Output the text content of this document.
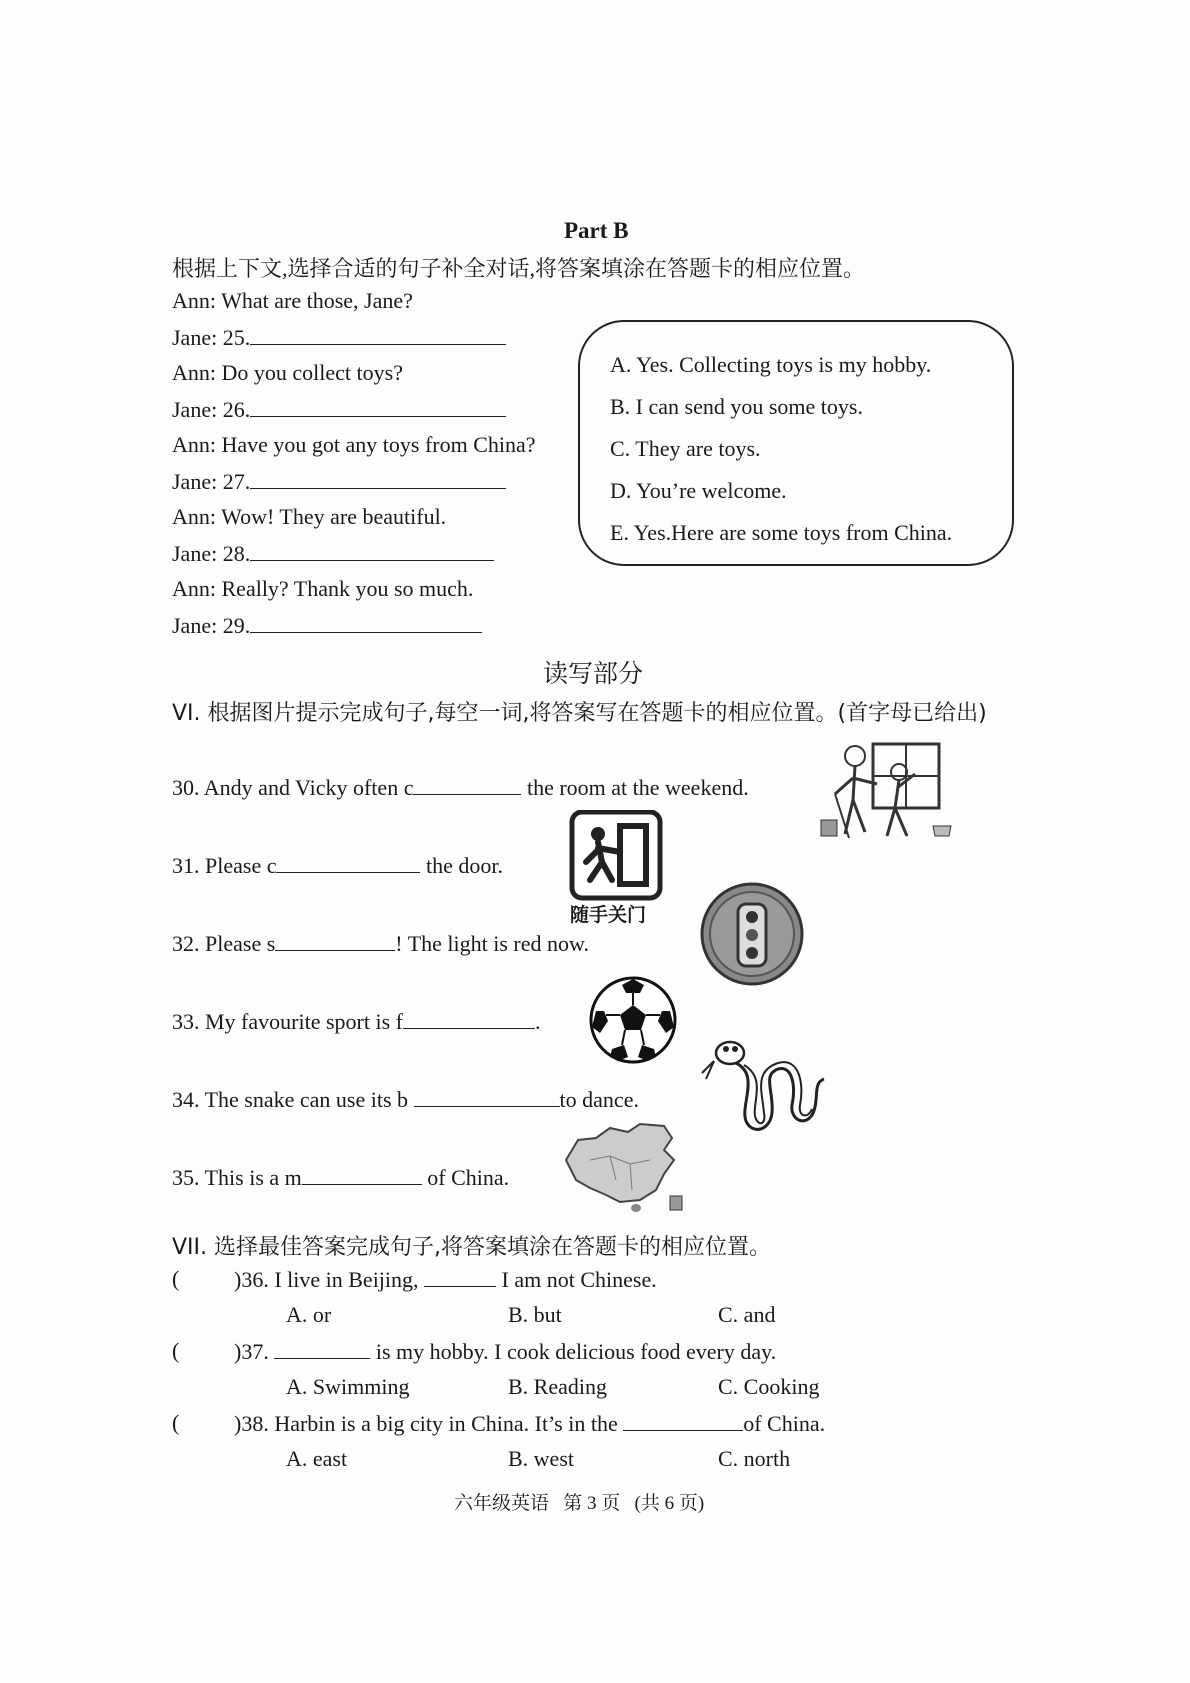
Part B
根据上下文,选择合适的句子补全对话,将答案填涂在答题卡的相应位置。
Ann: What are those, Jane?
Jane: 25.
Ann: Do you collect toys?
Jane: 26.
Ann: Have you got any toys from China?
Jane: 27.
Ann: Wow! They are beautiful.
Jane: 28.
Ann: Really? Thank you so much.
Jane: 29.
A. Yes. Collecting toys is my hobby.
B. I can send you some toys.
C. They are toys.
D. You’re welcome.
E. Yes.Here are some toys from China.
读写部分
VI. 根据图片提示完成句子,每空一词,将答案写在答题卡的相应位置。(首字母已给出)
30. Andy and Vicky often c	the room at the weekend.
31. Please c	the door.
32. Please s	! The light is red now.
33. My favourite sport is f	.
34. The snake can use its b	to dance.
35. This is a m	of China.
随手关门
VII. 选择最佳答案完成句子,将答案填涂在答题卡的相应位置。
( )36. I live in Beijing,	I am not Chinese.
A. or	B. but	C. and
( )37.	is my hobby. I cook delicious food every day.
A. Swimming	B. Reading	C. Cooking
( )38. Harbin is a big city in China. It’s in the	of China.
A. east	B. west	C. north
六年级英语   第 3 页   (共 6 页)
